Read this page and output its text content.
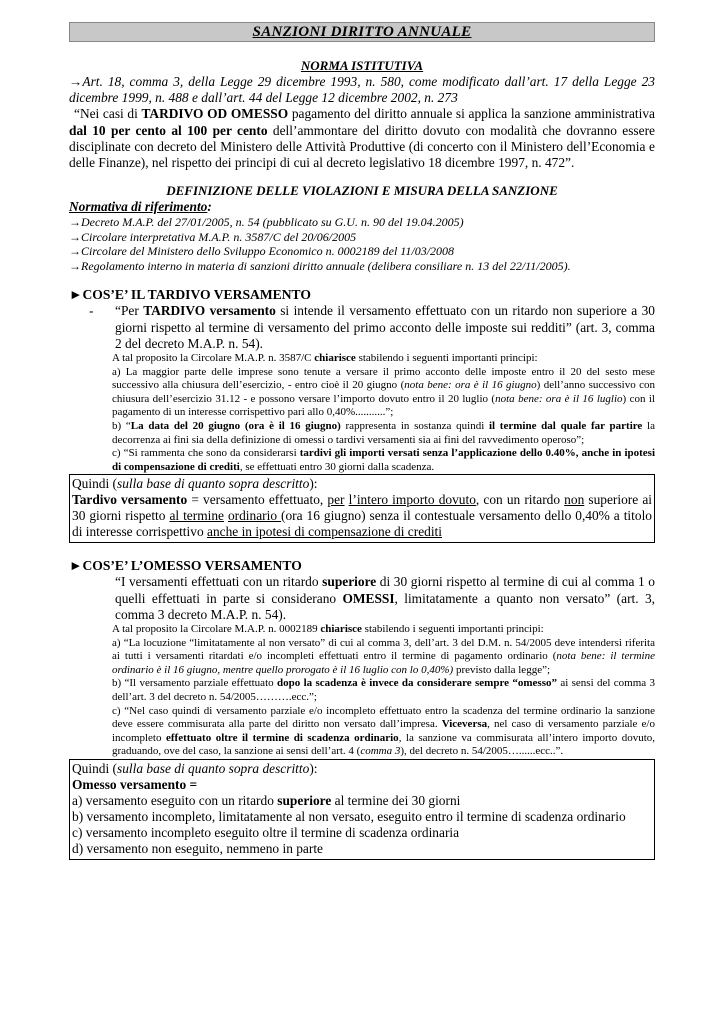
SANZIONI DIRITTO ANNUALE
NORMA ISTITUTIVA

→Art. 18, comma 3, della Legge 29 dicembre 1993, n. 580, come modificato dall’art. 17 della Legge 23 dicembre 1999, n. 488 e dall’art. 44 del Legge 12 dicembre 2002, n. 273

“Nei casi di TARDIVO OD OMESSO pagamento del diritto annuale si applica la sanzione amministrativa dal 10 per cento al 100 per cento dell’ammontare del diritto dovuto con modalità che dovranno essere disciplinate con decreto del Ministero delle Attività Produttive (di concerto con il Ministero dell’Economia e delle Finanze), nel rispetto dei principi di cui al decreto legislativo 18 dicembre 1997, n. 472”.

DEFINIZIONE DELLE VIOLAZIONI E MISURA DELLA SANZIONE

Normativa di riferimento:

→Decreto M.A.P. del 27/01/2005, n. 54 (pubblicato su G.U. n. 90 del 19.04.2005)

→Circolare interpretativa M.A.P. n. 3587/C del 20/06/2005

→Circolare del Ministero dello Sviluppo Economico n. 0002189 del 11/03/2008

→Regolamento interno in materia di sanzioni diritto annuale (delibera consiliare n. 13 del 22/11/2005).

►COS’E’ IL TARDIVO VERSAMENTO

-	“Per TARDIVO versamento si intende il versamento effettuato con un ritardo non superiore a 30 giorni rispetto al termine di versamento del primo acconto delle imposte sui redditi” (art. 3, comma 2 del decreto M.A.P. n. 54).

A tal proposito la Circolare M.A.P. n. 3587/C chiarisce stabilendo i seguenti importanti principi:

a) La maggior parte delle imprese sono tenute a versare il primo acconto delle imposte entro il 20 del sesto mese successivo alla chiusura dell’esercizio, - entro cioè il 20 giugno (nota bene: ora è il 16 giugno) dell’anno successivo con chiusura dell’esercizio 31.12 - e possono versare l’importo dovuto entro il 20 luglio (nota bene: ora è il 16 luglio) con il pagamento di un interesse corrispettivo pari allo 0,40%...........”;

b) “La data del 20 giugno (ora è il 16 giugno) rappresenta in sostanza quindi il termine dal quale far partire la decorrenza ai fini sia della definizione di omessi o tardivi versamenti sia ai fini del ravvedimento operoso”;

c) “Si rammenta che sono da considerarsi tardivi gli importi versati senza l’applicazione dello 0.40%, anche in ipotesi di compensazione di crediti, se effettuati entro 30 giorni dalla scadenza.

Quindi (sulla base di quanto sopra descritto):

Tardivo versamento = versamento effettuato, per l’intero importo dovuto, con un ritardo non superiore ai 30 giorni rispetto al termine ordinario (ora 16 giugno) senza il contestuale versamento dello 0,40% a titolo di interesse corrispettivo anche in ipotesi di compensazione di crediti

►COS’E’ L’OMESSO VERSAMENTO

“I versamenti effettuati con un ritardo superiore di 30 giorni rispetto al termine di cui al comma 1 o quelli effettuati in parte si considerano OMESSI, limitatamente a quanto non versato” (art. 3, comma 3 decreto M.A.P. n. 54).

A tal proposito la Circolare M.A.P. n. 0002189 chiarisce stabilendo i seguenti importanti principi:

a) “La locuzione “limitatamente al non versato” di cui al comma 3, dell’art. 3 del D.M. n. 54/2005 deve intendersi riferita ai tutti i versamenti ritardati e/o incompleti effettuati entro il termine di pagamento ordinario (nota bene: il termine ordinario è il 16 giugno, mentre quello prorogato è il 16 luglio con lo 0,40%) previsto dalla legge”;

b) “Il versamento parziale effettuato dopo la scadenza è invece da considerare sempre “omesso” ai sensi del comma 3 dell’art. 3 del decreto n. 54/2005……….ecc.”;

c) “Nel caso quindi di versamento parziale e/o incompleto effettuato entro la scadenza del termine ordinario la sanzione deve essere commisurata alla parte del diritto non versato dall’impresa. Viceversa, nel caso di versamento parziale e/o incompleto effettuato oltre il termine di scadenza ordinario, la sanzione va commisurata all’intero importo dovuto, graduando, ove del caso, la sanzione ai sensi dell’art. 4 (comma 3), del decreto n. 54/2005…......ecc..”.

Quindi (sulla base di quanto sopra descritto):

Omesso versamento =

a) versamento eseguito con un ritardo superiore al termine dei 30 giorni

b) versamento incompleto, limitatamente al non versato, eseguito entro il termine di scadenza ordinario

c) versamento incompleto eseguito oltre il termine di scadenza ordinaria

d) versamento non eseguito, nemmeno in parte
